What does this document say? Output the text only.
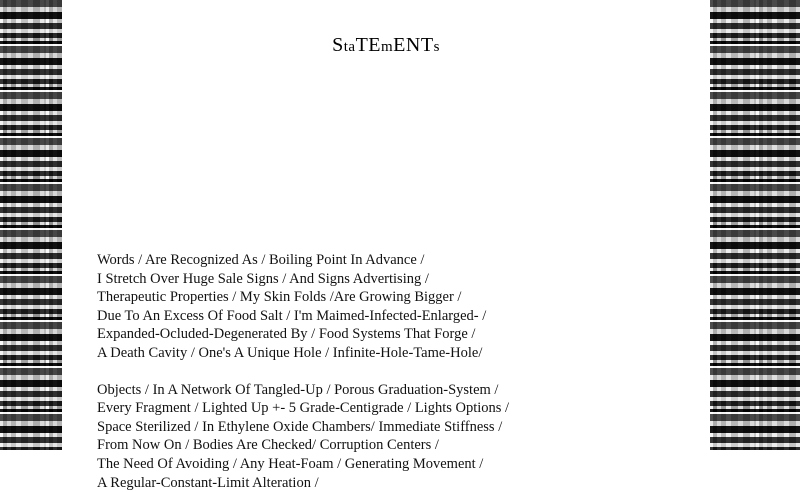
StaTEmENTs
Words / Are Recognized As / Boiling Point In Advance /
I Stretch Over Huge Sale Signs / And Signs Advertising /
Therapeutic Properties / My Skin Folds /Are Growing Bigger /
Due To An Excess Of Food Salt / I'm Maimed-Infected-Enlarged- /
Expanded-Ocluded-Degenerated By / Food Systems That Forge /
A Death Cavity / One's A Unique Hole / Infinite-Hole-Tame-Hole/
Objects / In A Network Of Tangled-Up / Porous Graduation-System /
Every Fragment / Lighted Up +- 5 Grade-Centigrade / Lights Options /
Space Sterilized / In Ethylene Oxide Chambers/ Immediate Stiffness /
From Now On / Bodies Are Checked/ Corruption Centers /
The Need Of Avoiding / Any Heat-Foam / Generating Movement /
A Regular-Constant-Limit Alteration /
